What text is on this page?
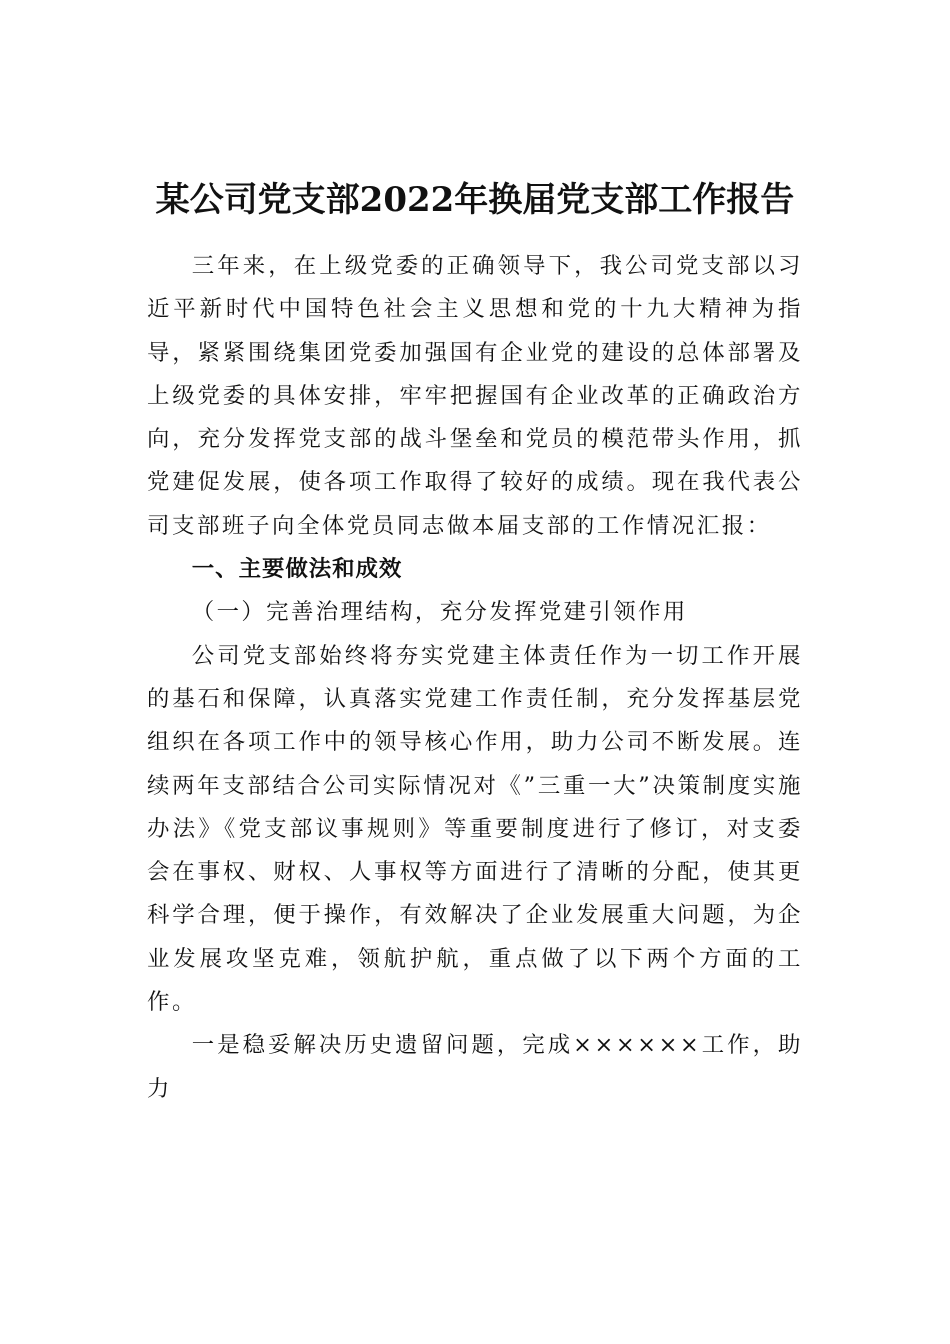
某公司党支部2022年换届党支部工作报告

三年来，在上级党委的正确领导下，我公司党支部以习近平新时代中国特色社会主义思想和党的十九大精神为指导，紧紧围绕集团党委加强国有企业党的建设的总体部署及上级党委的具体安排，牢牢把握国有企业改革的正确政治方向，充分发挥党支部的战斗堡垒和党员的模范带头作用，抓党建促发展，使各项工作取得了较好的成绩。现在我代表公司支部班子向全体党员同志做本届支部的工作情况汇报：

一、主要做法和成效

（一）完善治理结构，充分发挥党建引领作用

公司党支部始终将夯实党建主体责任作为一切工作开展的基石和保障，认真落实党建工作责任制，充分发挥基层党组织在各项工作中的领导核心作用，助力公司不断发展。连续两年支部结合公司实际情况对《”三重一大”决策制度实施办法》《党支部议事规则》等重要制度进行了修订，对支委会在事权、财权、人事权等方面进行了清晰的分配，使其更科学合理，便于操作，有效解决了企业发展重大问题，为企业发展攻坚克难，领航护航，重点做了以下两个方面的工作。

一是稳妥解决历史遗留问题，完成××××××工作，助力
